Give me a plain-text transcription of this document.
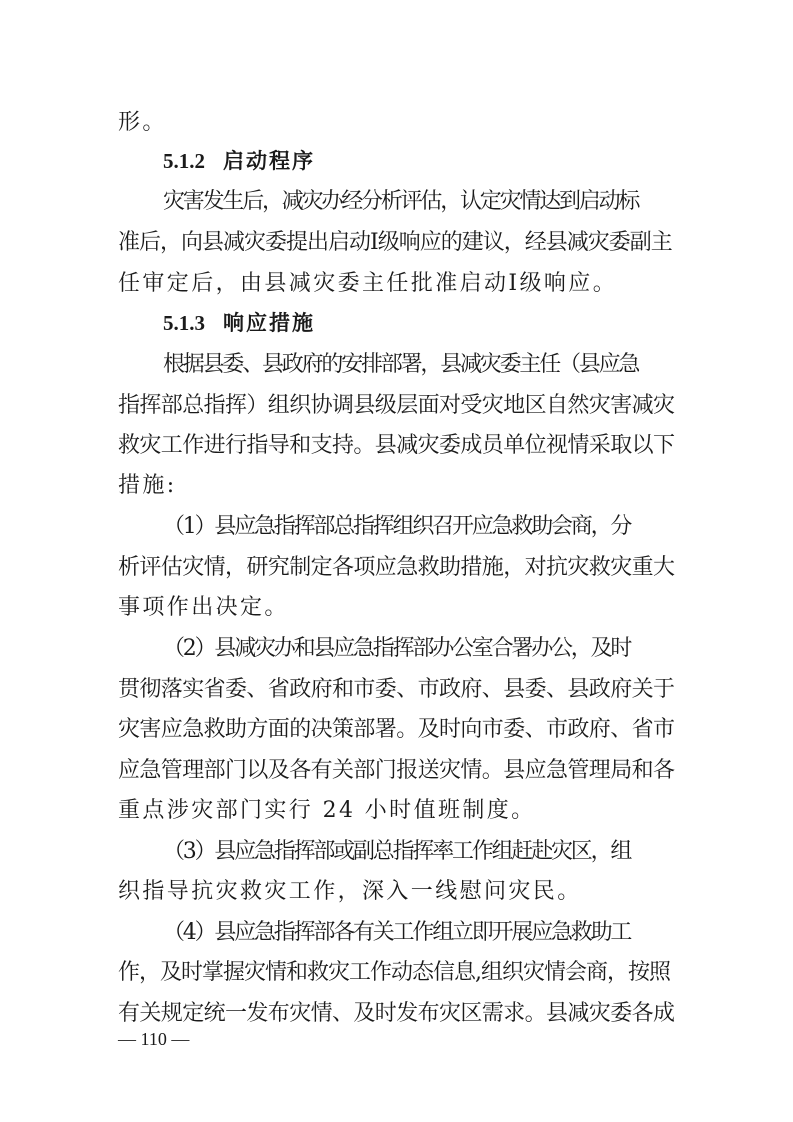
形。
5.1.2 启动程序
灾害发生后，减灾办经分析评估，认定灾情达到启动标
准后，向县减灾委提出启动I级响应的建议，经县减灾委副主
任审定后，由县减灾委主任批准启动I级响应。
5.1.3 响应措施
根据县委、县政府的安排部署，县减灾委主任（县应急
指挥部总指挥）组织协调县级层面对受灾地区自然灾害减灾
救灾工作进行指导和支持。县减灾委成员单位视情采取以下
措施:
（1）县应急指挥部总指挥组织召开应急救助会商，分
析评估灾情，研究制定各项应急救助措施，对抗灾救灾重大
事项作出决定。
（2）县减灾办和县应急指挥部办公室合署办公，及时
贯彻落实省委、省政府和市委、市政府、县委、县政府关于
灾害应急救助方面的决策部署。及时向市委、市政府、省市
应急管理部门以及各有关部门报送灾情。县应急管理局和各
重点涉灾部门实行 24 小时值班制度。
（3）县应急指挥部或副总指挥率工作组赶赴灾区，组
织指导抗灾救灾工作，深入一线慰问灾民。
（4）县应急指挥部各有关工作组立即开展应急救助工
作，及时掌握灾情和救灾工作动态信息,组织灾情会商，按照
有关规定统一发布灾情、及时发布灾区需求。县减灾委各成
— 110 —
